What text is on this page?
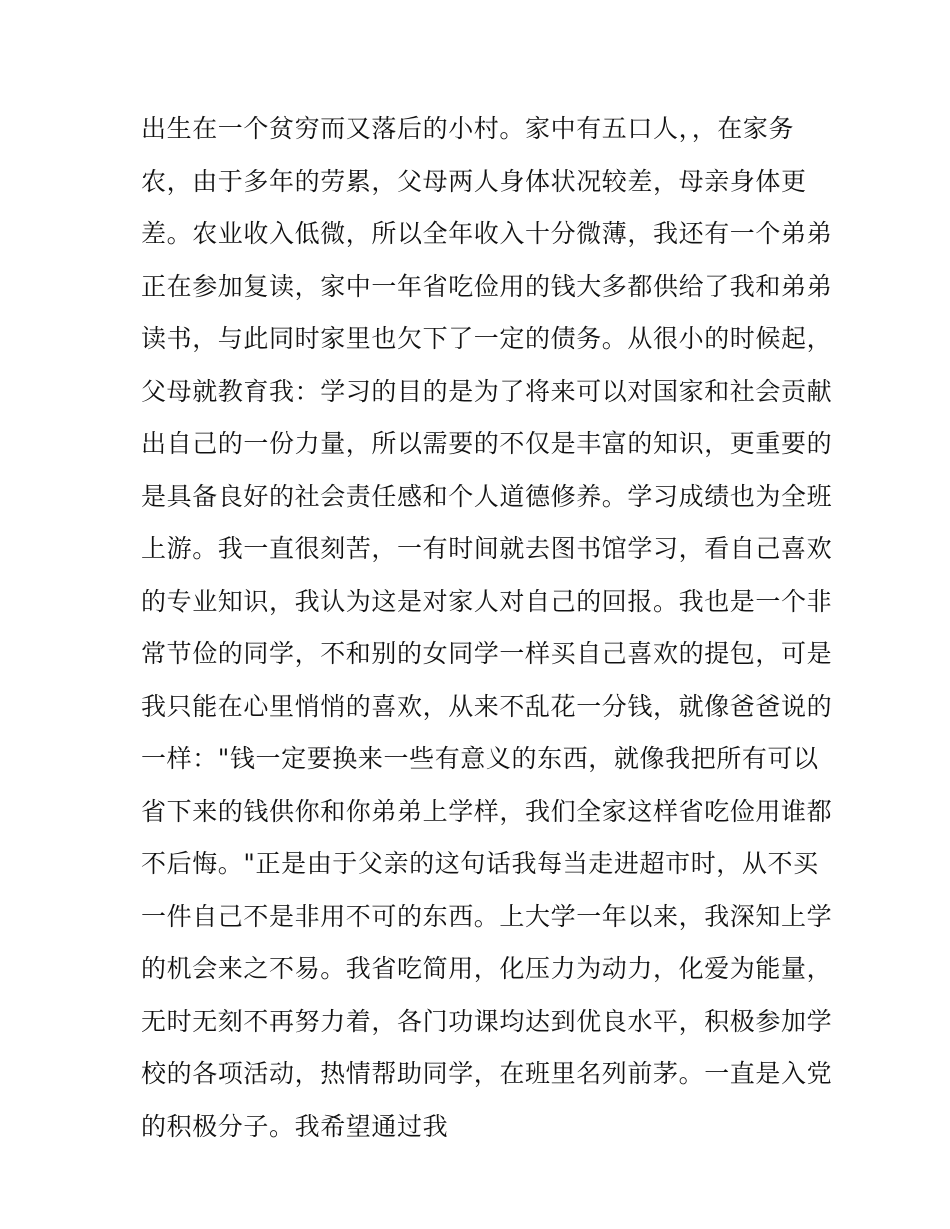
出生在一个贫穷而又落后的小村。家中有五口人，，在家务
农，由于多年的劳累，父母两人身体状况较差，母亲身体更
差。农业收入低微，所以全年收入十分微薄，我还有一个弟弟
正在参加复读，家中一年省吃俭用的钱大多都供给了我和弟弟
读书，与此同时家里也欠下了一定的债务。从很小的时候起，
父母就教育我：学习的目的是为了将来可以对国家和社会贡献
出自己的一份力量，所以需要的不仅是丰富的知识，更重要的
是具备良好的社会责任感和个人道德修养。学习成绩也为全班
上游。我一直很刻苦，一有时间就去图书馆学习，看自己喜欢
的专业知识，我认为这是对家人对自己的回报。我也是一个非
常节俭的同学，不和别的女同学一样买自己喜欢的提包，可是
我只能在心里悄悄的喜欢，从来不乱花一分钱，就像爸爸说的
一样："钱一定要换来一些有意义的东西，就像我把所有可以
省下来的钱供你和你弟弟上学样，我们全家这样省吃俭用谁都
不后悔。"正是由于父亲的这句话我每当走进超市时，从不买
一件自己不是非用不可的东西。上大学一年以来，我深知上学
的机会来之不易。我省吃简用，化压力为动力，化爱为能量，
无时无刻不再努力着，各门功课均达到优良水平，积极参加学
校的各项活动，热情帮助同学，在班里名列前茅。一直是入党
的积极分子。我希望通过我
